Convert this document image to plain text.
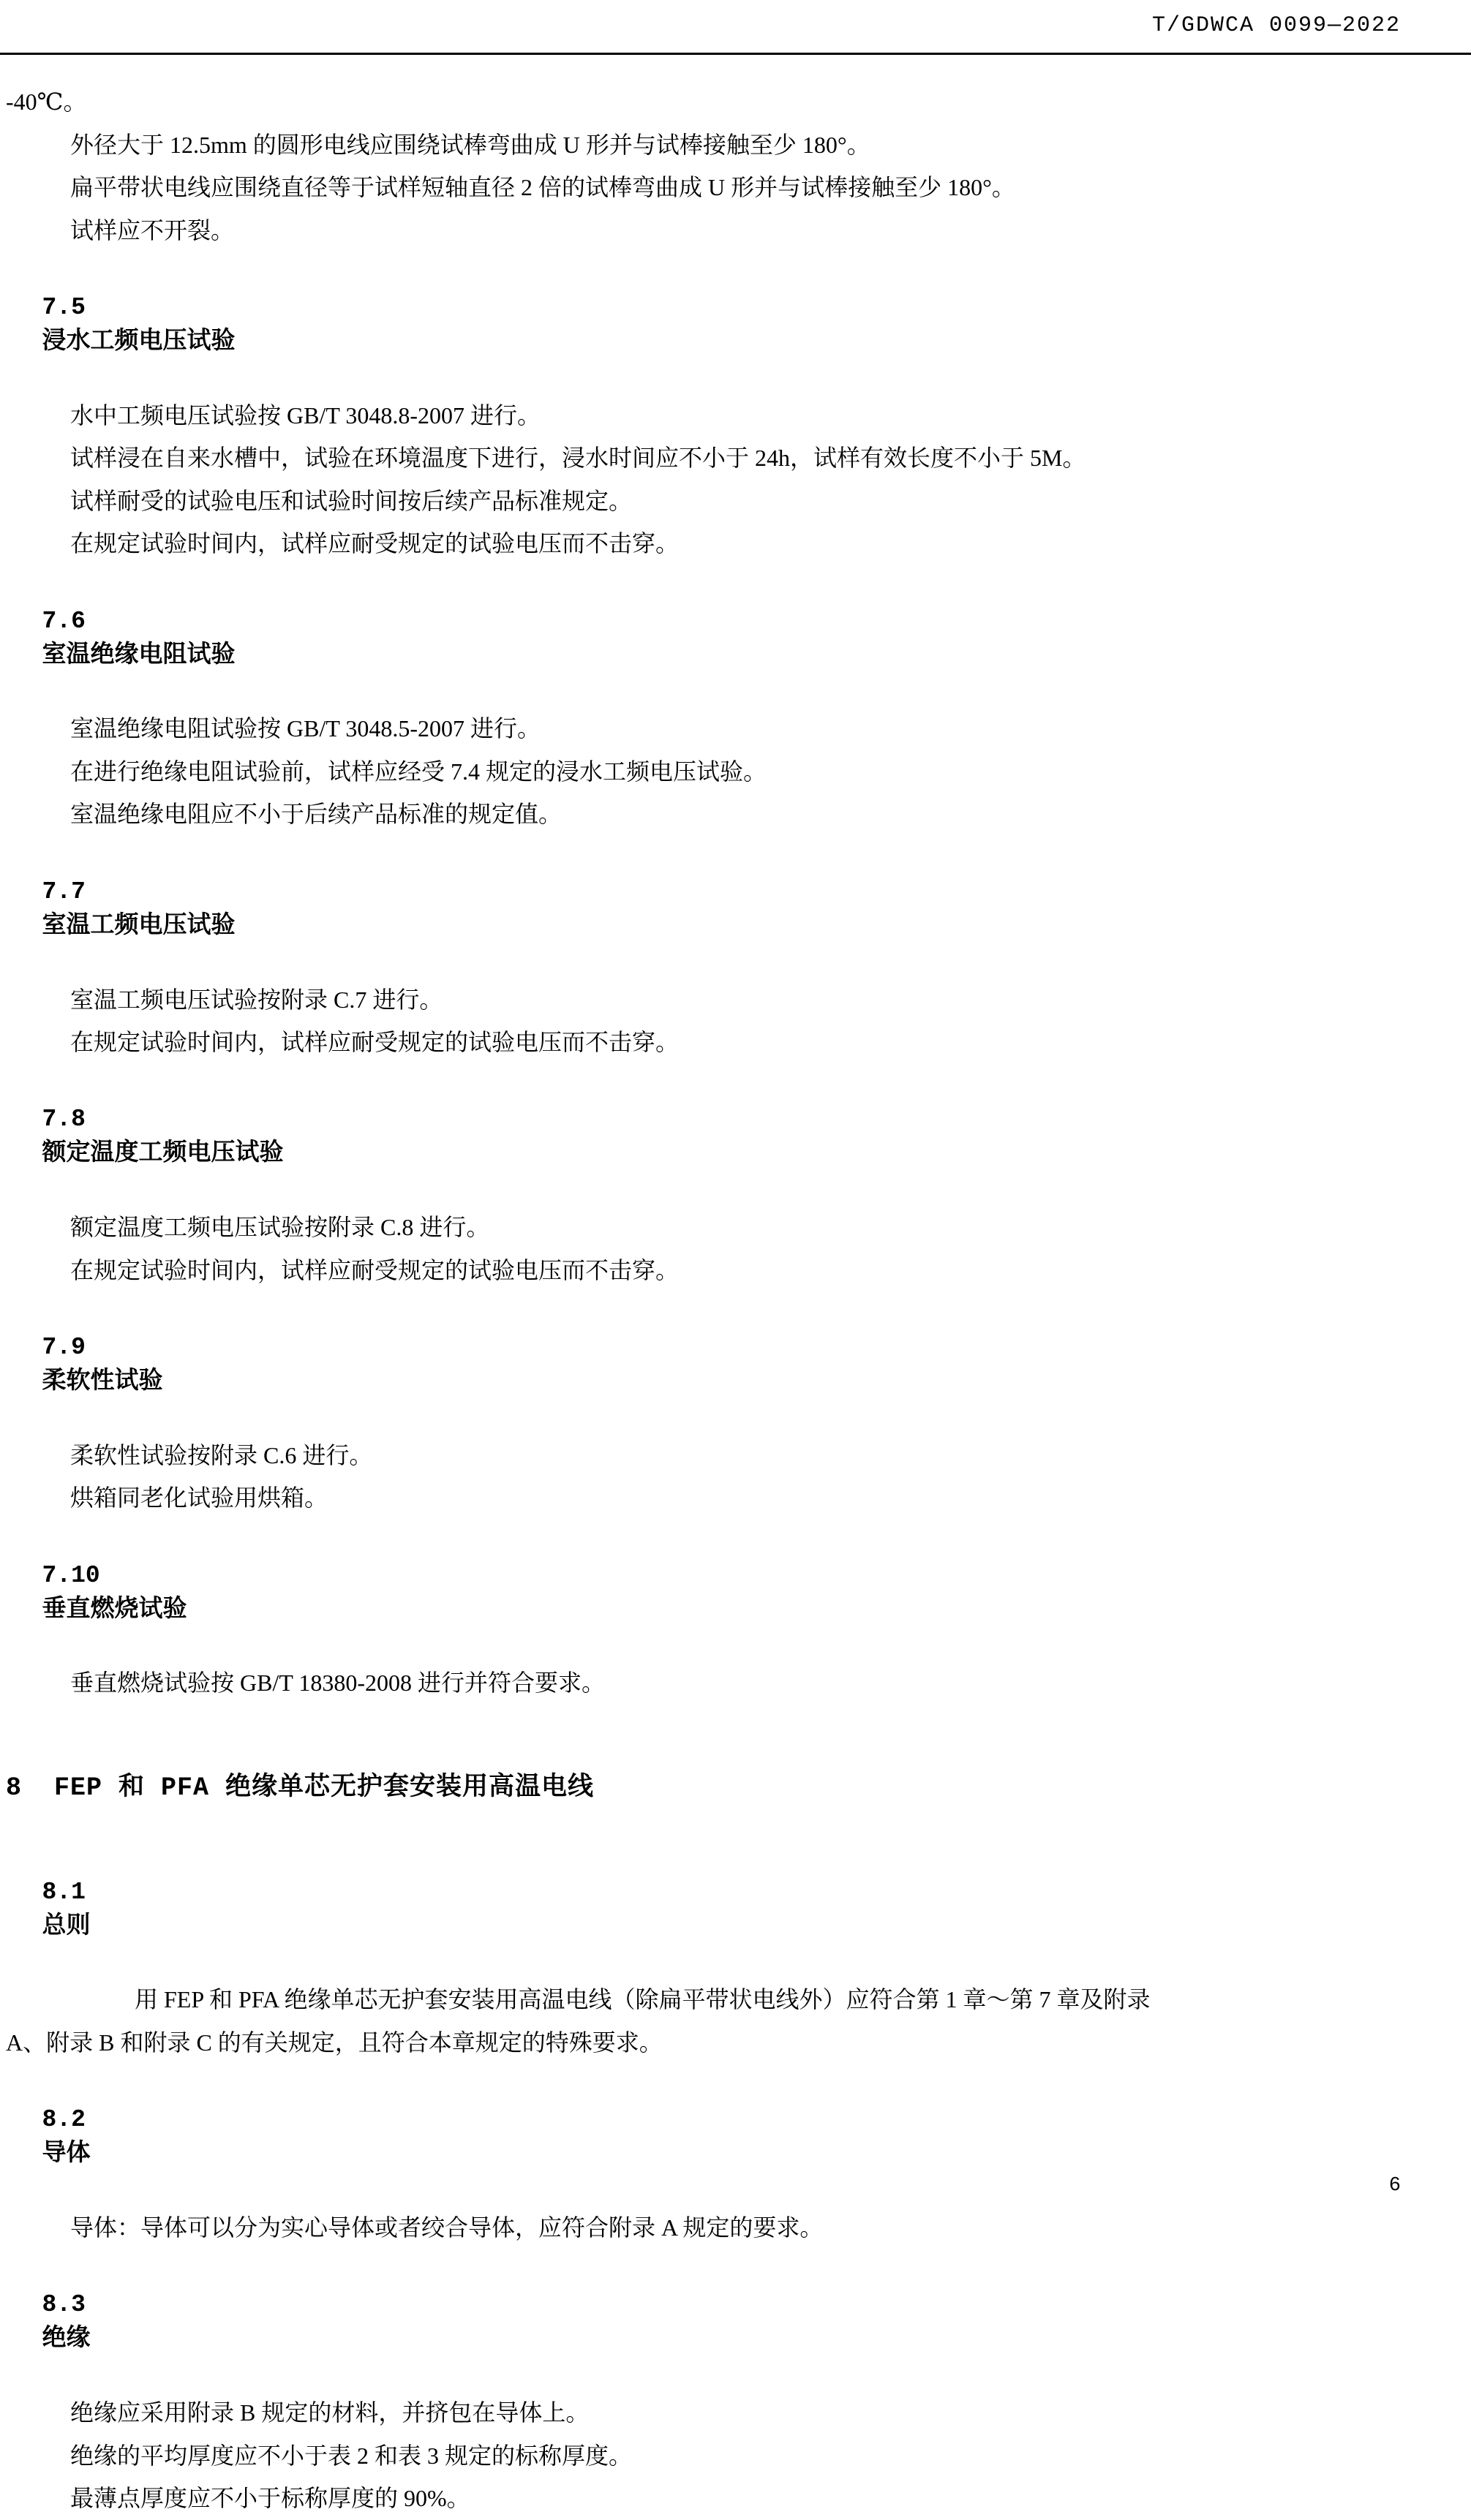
T/GDWCA 0099—2022
-40℃。
外径大于 12.5mm 的圆形电线应围绕试棒弯曲成 U 形并与试棒接触至少 180°。
扁平带状电线应围绕直径等于试样短轴直径 2 倍的试棒弯曲成 U 形并与试棒接触至少 180°。
试样应不开裂。

7.5
浸水工频电压试验

水中工频电压试验按 GB/T 3048.8-2007 进行。
试样浸在自来水槽中，试验在环境温度下进行，浸水时间应不小于 24h，试样有效长度不小于 5M。
试样耐受的试验电压和试验时间按后续产品标准规定。
在规定试验时间内，试样应耐受规定的试验电压而不击穿。

7.6
室温绝缘电阻试验

室温绝缘电阻试验按 GB/T 3048.5-2007 进行。
在进行绝缘电阻试验前，试样应经受 7.4 规定的浸水工频电压试验。
室温绝缘电阻应不小于后续产品标准的规定值。

7.7
室温工频电压试验

室温工频电压试验按附录 C.7 进行。
在规定试验时间内，试样应耐受规定的试验电压而不击穿。

7.8
额定温度工频电压试验

额定温度工频电压试验按附录 C.8 进行。
在规定试验时间内，试样应耐受规定的试验电压而不击穿。

7.9
柔软性试验

柔软性试验按附录 C.6 进行。
烘箱同老化试验用烘箱。

7.10
垂直燃烧试验

垂直燃烧试验按 GB/T 18380-2008 进行并符合要求。
8  FEP 和 PFA 绝缘单芯无护套安装用高温电线

8.1
总则

用 FEP 和 PFA 绝缘单芯无护套安装用高温电线（除扁平带状电线外）应符合第 1 章～第 7 章及附录
A、附录 B 和附录 C 的有关规定，且符合本章规定的特殊要求。

8.2
导体

导体：导体可以分为实心导体或者绞合导体，应符合附录 A 规定的要求。

8.3
绝缘

绝缘应采用附录 B 规定的材料，并挤包在导体上。
绝缘的平均厚度应不小于表 2 和表 3 规定的标称厚度。
最薄点厚度应不小于标称厚度的 90%。
6
